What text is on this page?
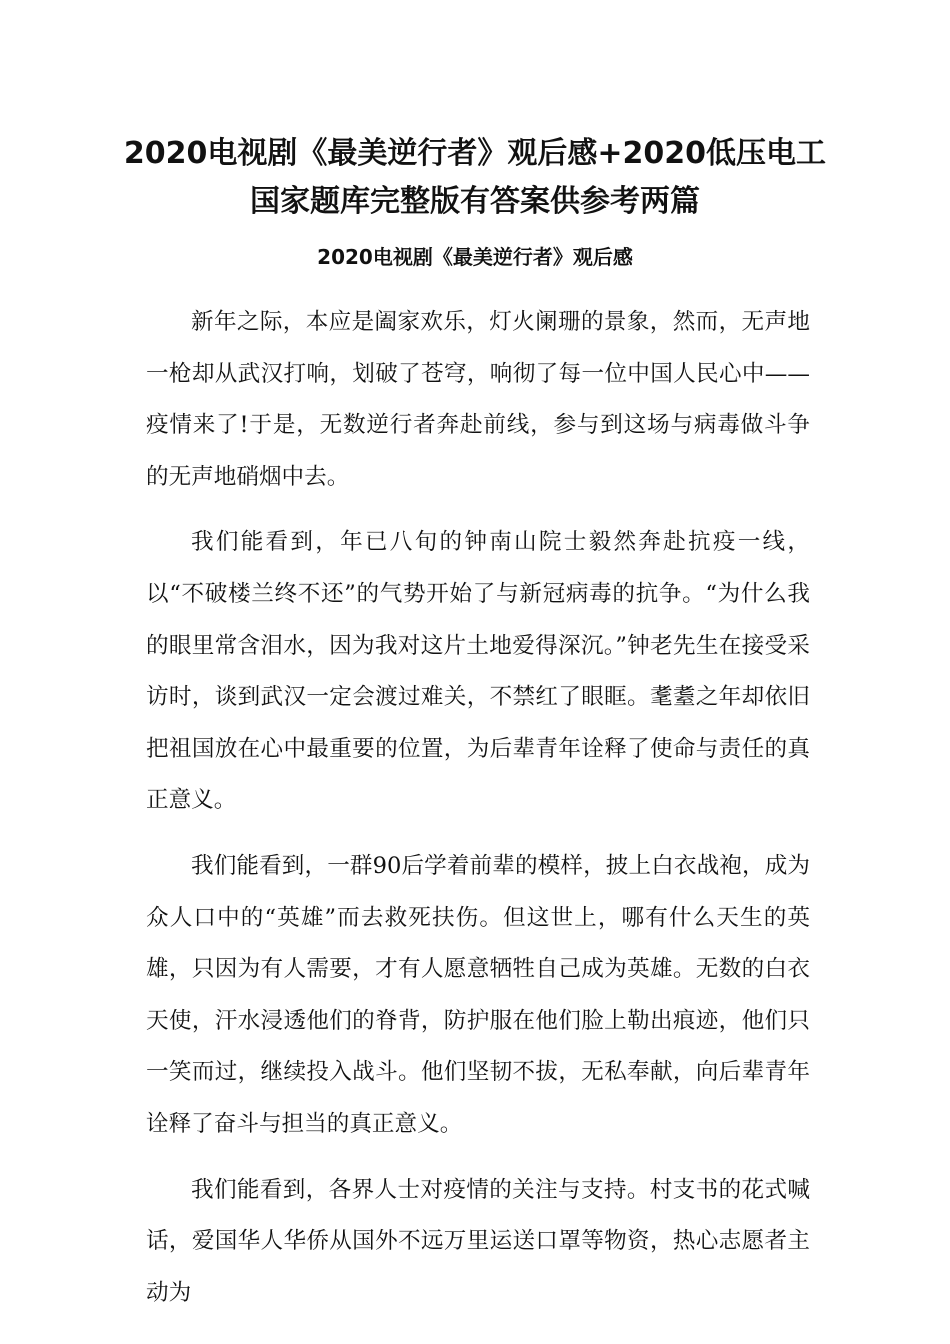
2020电视剧《最美逆行者》观后感+2020低压电工
国家题库完整版有答案供参考两篇
2020电视剧《最美逆行者》观后感

新年之际，本应是阖家欢乐，灯火阑珊的景象，然而，无声地一枪却从武汉打响，划破了苍穹，响彻了每一位中国人民心中——疫情来了!于是，无数逆行者奔赴前线，参与到这场与病毒做斗争的无声地硝烟中去。

我们能看到，年已八旬的钟南山院士毅然奔赴抗疫一线，以“不破楼兰终不还”的气势开始了与新冠病毒的抗争。“为什么我的眼里常含泪水，因为我对这片土地爱得深沉。”钟老先生在接受采访时，谈到武汉一定会渡过难关，不禁红了眼眶。耄耋之年却依旧把祖国放在心中最重要的位置，为后辈青年诠释了使命与责任的真正意义。

我们能看到，一群90后学着前辈的模样，披上白衣战袍，成为众人口中的“英雄”而去救死扶伤。但这世上，哪有什么天生的英雄，只因为有人需要，才有人愿意牺牲自己成为英雄。无数的白衣天使，汗水浸透他们的脊背，防护服在他们脸上勒出痕迹，他们只一笑而过，继续投入战斗。他们坚韧不拔，无私奉献，向后辈青年诠释了奋斗与担当的真正意义。

我们能看到，各界人士对疫情的关注与支持。村支书的花式喊话，爱国华人华侨从国外不远万里运送口罩等物资，热心志愿者主动为
